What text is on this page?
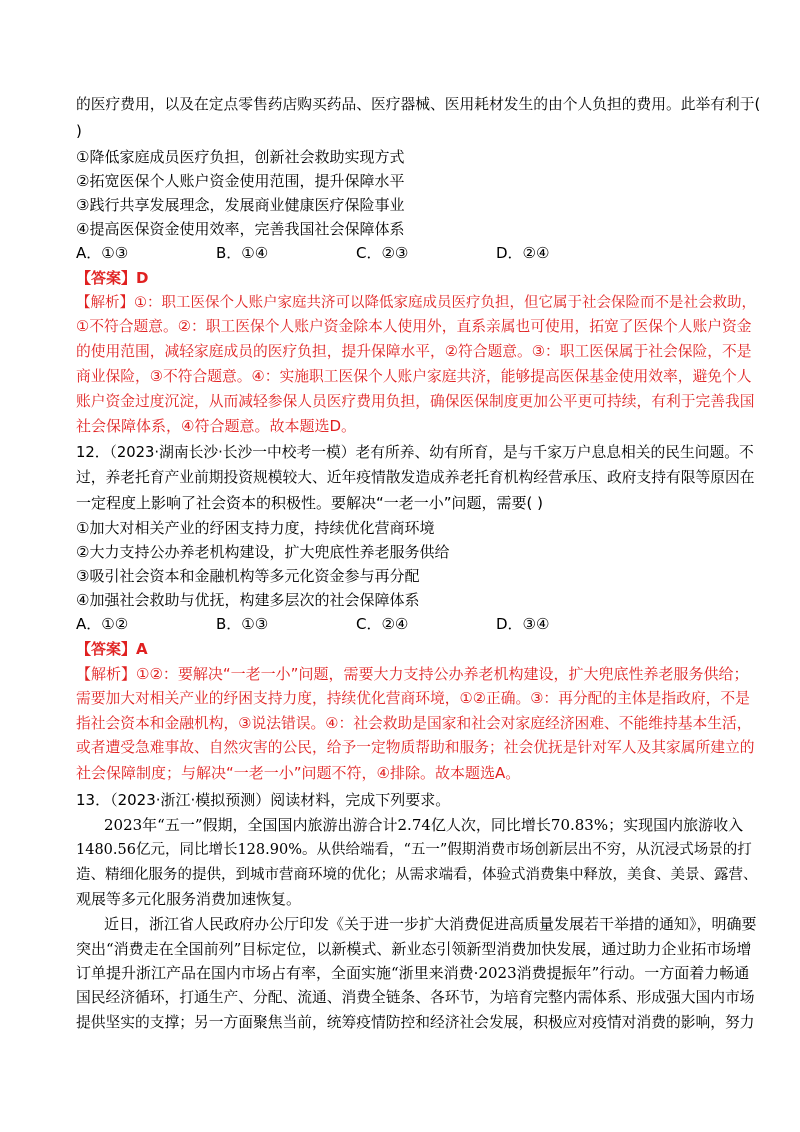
的医疗费用，以及在定点零售药店购买药品、医疗器械、医用耗材发生的由个人负担的费用。此举有利于(
)
①降低家庭成员医疗负担，创新社会救助实现方式
②拓宽医保个人账户资金使用范围，提升保障水平
③践行共享发展理念，发展商业健康医疗保险事业
④提高医保资金使用效率，完善我国社会保障体系
A．①③	B．①④	C．②③	D．②④
【答案】D
【解析】①：职工医保个人账户家庭共济可以降低家庭成员医疗负担，但它属于社会保险而不是社会救助，
①不符合题意。②：职工医保个人账户资金除本人使用外，直系亲属也可使用，拓宽了医保个人账户资金
的使用范围，减轻家庭成员的医疗负担，提升保障水平，②符合题意。③：职工医保属于社会保险，不是
商业保险，③不符合题意。④：实施职工医保个人账户家庭共济，能够提高医保基金使用效率，避免个人
账户资金过度沉淀，从而减轻参保人员医疗费用负担，确保医保制度更加公平更可持续，有利于完善我国
社会保障体系，④符合题意。故本题选D。
12．（2023·湖南长沙·长沙一中校考一模）老有所养、幼有所育，是与千家万户息息相关的民生问题。不
过，养老托育产业前期投资规模较大、近年疫情散发造成养老托育机构经营承压、政府支持有限等原因在
一定程度上影响了社会资本的积极性。要解决“一老一小”问题，需要( )
①加大对相关产业的纾困支持力度，持续优化营商环境
②大力支持公办养老机构建设，扩大兜底性养老服务供给
③吸引社会资本和金融机构等多元化资金参与再分配
④加强社会救助与优抚，构建多层次的社会保障体系
A．①②	B．①③	C．②④	D．③④
【答案】A
【解析】①②：要解决“一老一小”问题，需要大力支持公办养老机构建设，扩大兜底性养老服务供给；
需要加大对相关产业的纾困支持力度，持续优化营商环境，①②正确。③：再分配的主体是指政府，不是
指社会资本和金融机构，③说法错误。④：社会救助是国家和社会对家庭经济困难、不能维持基本生活，
或者遭受急难事故、自然灾害的公民，给予一定物质帮助和服务；社会优抚是针对军人及其家属所建立的
社会保障制度；与解决“一老一小”问题不符，④排除。故本题选A。
13．（2023·浙江·模拟预测）阅读材料，完成下列要求。
2023年“五一”假期，全国国内旅游出游合计2.74亿人次，同比增长70.83%；实现国内旅游收入
1480.56亿元，同比增长128.90%。从供给端看，“五一”假期消费市场创新层出不穷，从沉浸式场景的打
造、精细化服务的提供，到城市营商环境的优化；从需求端看，体验式消费集中释放，美食、美景、露营、
观展等多元化服务消费加速恢复。
近日，浙江省人民政府办公厅印发《关于进一步扩大消费促进高质量发展若干举措的通知》，明确要
突出“消费走在全国前列”目标定位，以新模式、新业态引领新型消费加快发展，通过助力企业拓市场增
订单提升浙江产品在国内市场占有率，全面实施“浙里来消费·2023消费提振年”行动。一方面着力畅通
国民经济循环，打通生产、分配、流通、消费全链条、各环节，为培育完整内需体系、形成强大国内市场
提供坚实的支撑；另一方面聚焦当前，统筹疫情防控和经济社会发展，积极应对疫情对消费的影响，努力
